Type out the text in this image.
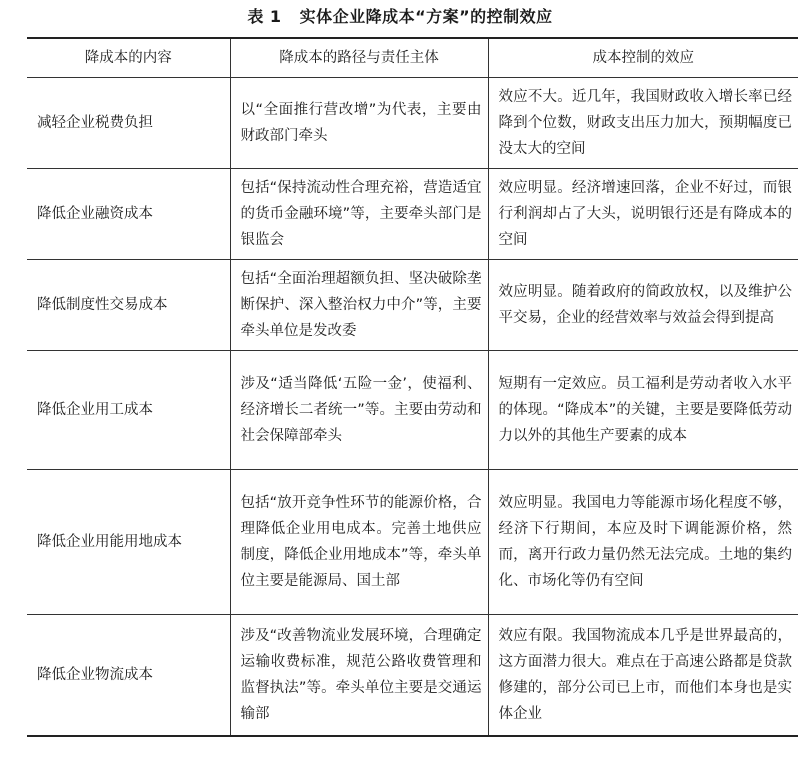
表 1 实体企业降成本“方案”的控制效应
降成本的内容	降成本的路径与责任主体	成本控制的效应
减轻企业税费负担	以“全面推行营改增”为代表，主要由财政部门牵头	效应不大。近几年，我国财政收入增长率已经降到个位数，财政支出压力加大，预期幅度已没太大的空间
降低企业融资成本	包括“保持流动性合理充裕，营造适宜的货币金融环境”等，主要牵头部门是银监会	效应明显。经济增速回落，企业不好过，而银行利润却占了大头，说明银行还是有降成本的空间
降低制度性交易成本	包括“全面治理超额负担、坚决破除垄断保护、深入整治权力中介”等，主要牵头单位是发改委	效应明显。随着政府的简政放权，以及维护公平交易，企业的经营效率与效益会得到提高
降低企业用工成本	涉及“适当降低‘五险一金’，使福利、经济增长二者统一”等。主要由劳动和社会保障部牵头	短期有一定效应。员工福利是劳动者收入水平的体现。“降成本”的关键，主要是要降低劳动力以外的其他生产要素的成本
降低企业用能用地成本	包括“放开竞争性环节的能源价格，合理降低企业用电成本。完善土地供应制度，降低企业用地成本”等，牵头单位主要是能源局、国土部	效应明显。我国电力等能源市场化程度不够，经济下行期间，本应及时下调能源价格，然而，离开行政力量仍然无法完成。土地的集约化、市场化等仍有空间
降低企业物流成本	涉及“改善物流业发展环境，合理确定运输收费标准，规范公路收费管理和监督执法”等。牵头单位主要是交通运输部	效应有限。我国物流成本几乎是世界最高的，这方面潜力很大。难点在于高速公路都是贷款修建的，部分公司已上市，而他们本身也是实体企业
